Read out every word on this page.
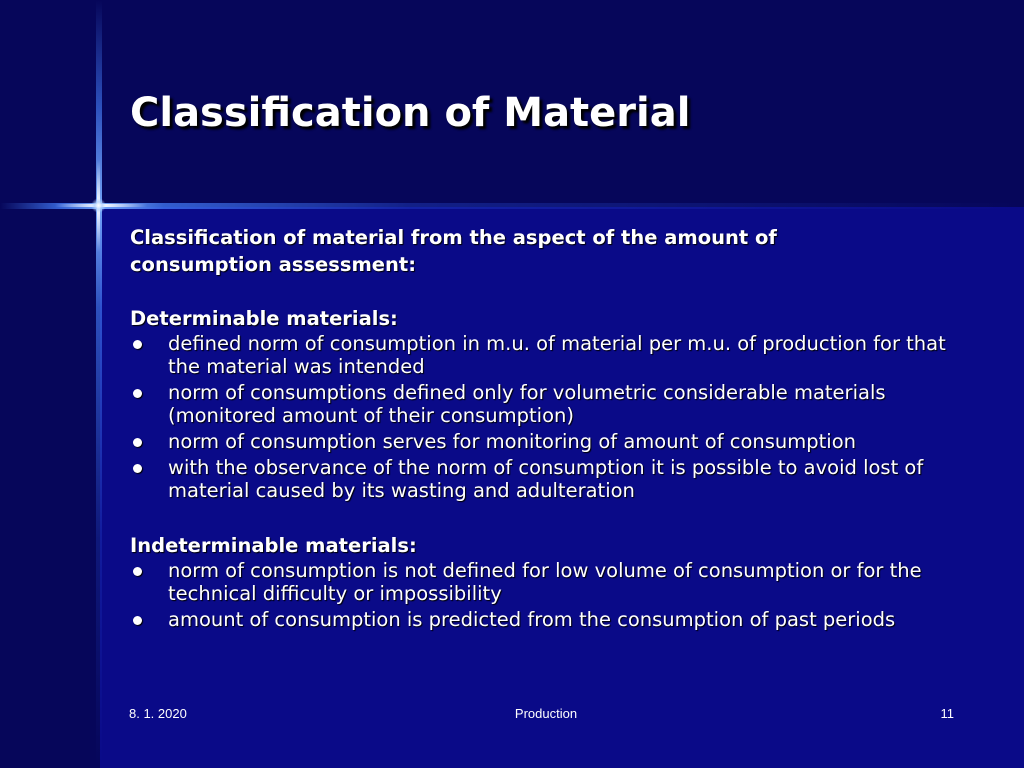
Classification of Material

Classification of material from the aspect of the amount of consumption assessment:

Determinable materials:

defined norm of consumption in m.u. of material per m.u. of production for that the material was intended
norm of consumptions defined only for volumetric considerable materials (monitored amount of their consumption)
norm of consumption serves for monitoring of amount of consumption
with the observance of the norm of consumption it is possible to avoid lost of material caused by its wasting and adulteration

Indeterminable materials:

norm of consumption is not defined for low volume of consumption or for the technical difficulty or impossibility
amount of consumption is predicted from the consumption of past periods
8. 1. 2020	Production	11
